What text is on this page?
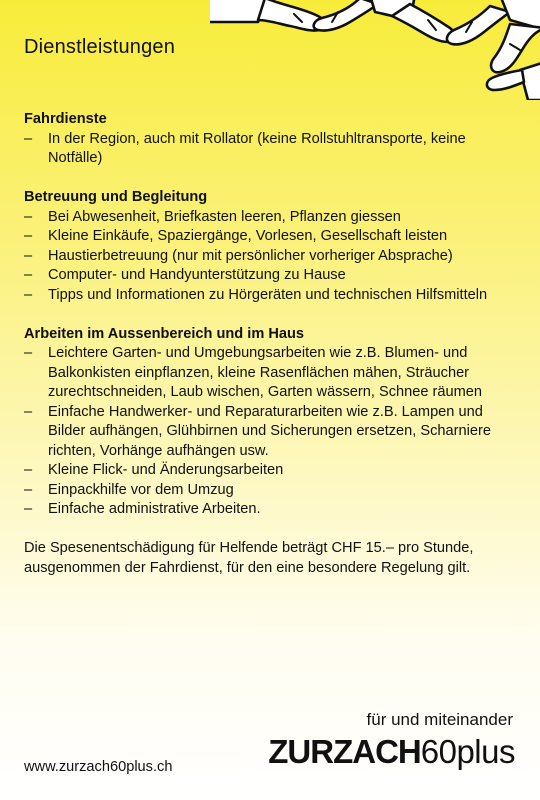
Dienstleistungen
Fahrdienste
– In der Region, auch mit Rollator (keine Rollstuhltransporte, keine Notfälle)
Betreuung und Begleitung
– Bei Abwesenheit, Briefkasten leeren, Pflanzen giessen
– Kleine Einkäufe, Spaziergänge, Vorlesen, Gesellschaft leisten
– Haustierbetreuung (nur mit persönlicher vorheriger Absprache)
– Computer- und Handyunterstützung zu Hause
– Tipps und Informationen zu Hörgeräten und technischen Hilfsmitteln
Arbeiten im Aussenbereich und im Haus
– Leichtere Garten- und Umgebungsarbeiten wie z.B. Blumen- und Balkonkisten einpflanzen, kleine Rasenflächen mähen, Sträucher zurechtschneiden, Laub wischen, Garten wässern, Schnee räumen
– Einfache Handwerker- und Reparaturarbeiten wie z.B. Lampen und Bilder aufhängen, Glühbirnen und Sicherungen ersetzen, Scharniere richten, Vorhänge aufhängen usw.
– Kleine Flick- und Änderungsarbeiten
– Einpackhilfe vor dem Umzug
– Einfache administrative Arbeiten.

Die Spesenentschädigung für Helfende beträgt CHF 15.– pro Stunde, ausgenommen der Fahrdienst, für den eine besondere Regelung gilt.

für und miteinander
ZURZACH60plus
www.zurzach60plus.ch
